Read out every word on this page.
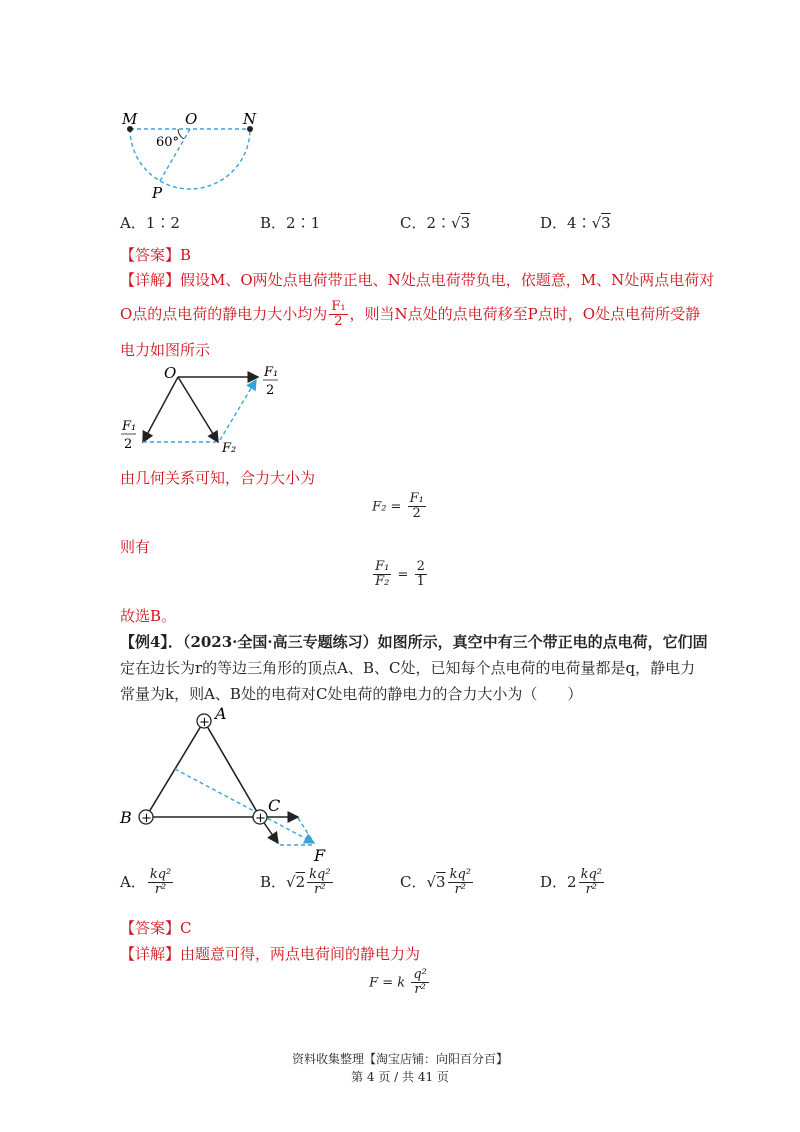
M	O	N
60°
P
A．1∶2	B．2∶1	C．2∶√3	D．4∶√3
【答案】B
【详解】假设M、O两处点电荷带正电、N处点电荷带负电，依题意，M、N处两点电荷对
O点的点电荷的静电力大小均为 $\frac{\text{F₁}}{2}$ ，则当N点处的点电荷移至P点时，O处点电荷所受静
电力如图所示
O	F₁
2
F₁
2	F₂
由几何关系可知，合力大小为
$F_2 = \frac{\text{F₁}}{2}$
则有
$\frac{\text{F₁}}{\text{F₂}} = \frac{2}{1}$
故选B。
【例4】．（2023·全国·高三专题练习）如图所示，真空中有三个带正电的点电荷，它们固
定在边长为r的等边三角形的顶点A、B、C处，已知每个点电荷的电荷量都是q，静电力
常量为k，则A、B处的电荷对C处电荷的静电力的合力大小为（　　）
+
+	+
A
B
C
F
A． $\frac{\text{kq²}}{\text{r²}}$	B．$√2 \frac{\text{kq²}}{\text{r²}}$	C．$√3 \frac{\text{kq²}}{\text{r²}}$	D．$2 \frac{\text{kq²}}{\text{r²}}$
【答案】C
【详解】由题意可得，两点电荷间的静电力为
F = k $\frac{\text{q²}}{\text{r²}}$
资料收集整理【淘宝店铺：向阳百分百】
第 4 页 / 共 41 页
